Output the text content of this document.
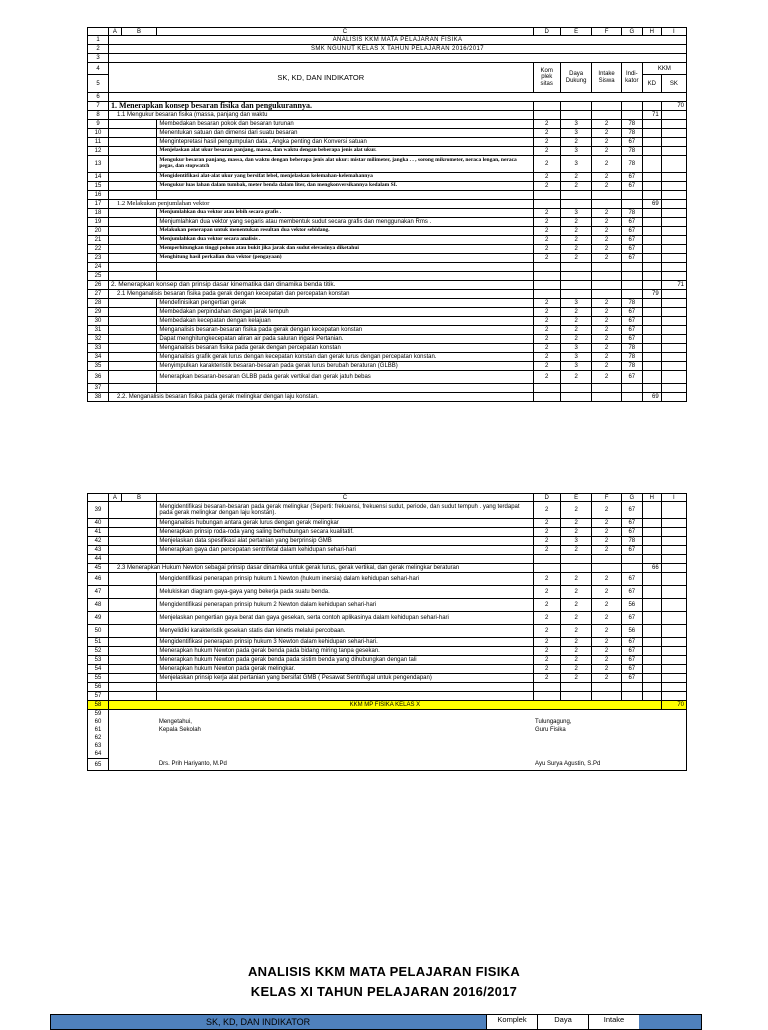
	A	B	C	D	E	F	G	H	I
1	ANALISIS KKM MATA PELAJARAN FISIKA								
2	SMK NGUNUT KELAS X TAHUN PELAJARAN 2016/2017								
3									
4	SK, KD, DAN INDIKATOR			Kom plek sitas	Daya Dukung	Intake Siswa	Indi- kator	KKM	
5								KD	SK
6									
7	1. Menerapkan konsep besaran fisika dan pengukurannya.								70
8	1.1 Mengukur besaran fisika (massa, panjang dan waktu							71	
9			Membedakan besaran pokok dan besaran turunan	2	3	2	78		
10			Menentukan satuan dan dimensi dari suatu besaran	2	3	2	78		
11			Mengintepretasi hasil pengumpulan data , Angka penting dan Konversi satuan	2	2	2	67		
12			Menjelaskan alat ukur besaran panjang, massa, dan waktu dengan beberapa jenis alat ukur.	2	3	2	78		
13			Mengukur besaran panjang, massa, dan waktu dengan beberapa jenis alat ukur: mistar milimeter, jangka . . , sorong mikrometer, neraca lengan, neraca pegas, dan stopwatch	2	3	2	78		
14			Mengidentifikasi alat-alat ukur yang bersifat lebel, menjelaskan kelemahan-kelemahannya	2	2	2	67		
15			Mengukur luas lahan dalam tumbak, meter benda dalam liter, dan mengkonversikannya kedalam SI.	2	2	2	67		
16									
17	1.2 Melakukan penjumlahan vektor							69	
18			Menjumlahkan dua vektor atau lebih secara grafis .	2	3	2	78		
19			Menjumlahkan dua vektor yang segaris atau membentuk sudut secara grafis dan menggunakan Rms .	2	2	2	67		
20			Melakukan penerapan untuk menentukan resultan dua vektor sebidang.	2	2	2	67		
21			Menjumlahkan dua vektor secara analisis .	2	2	2	67		
22			Memperhitungkan tinggi pohon atau bukit jika jarak dan sudut elevasinya diketahui	2	2	2	67		
23			Menghitung hasil perkalian dua vektor (pengayaan)	2	2	2	67		
24									
25									
26	2. Menerapkan konsep dan prinsip dasar kinematika dan dinamika benda titik.								71
27	2.1 Menganalisis besaran fisika pada gerak dengan kecepatan dan percepatan konstan							79	
28			Mendefinisikan pengertian gerak	2	3	2	78		
29			Membedakan perpindahan dengan jarak tempuh	2	2	2	67		
30			Membedakan kecepatan dengan kelajuan	2	2	2	67		
31			Menganalisis besaran-besaran fisika pada gerak dengan kecepatan konstan	2	2	2	67		
32			Dapat menghitungkecepatan aliran air pada saluran irigasi Pertanian.	2	2	2	67		
33			Menganalisis besaran fisika pada gerak dengan percepatan konstan	2	3	2	78		
34			Menganalisis grafik gerak lurus dengan kecepatan konstan dan gerak lurus dengan percepatan konstan.	2	3	2	78		
35			Menyimpulkan karakteristik besaran-besaran pada gerak lurus berubah beraturan (GLBB)	2	3	2	78		
36			Menerapkan besaran-besaran GLBB pada gerak vertikal dan gerak jatuh bebas	2	2	2	67		
37									
38	2.2. Menganalisis besaran fisika pada gerak melingkar dengan laju konstan.							69	
	A	B	C	D	E	F	G	H	I
39			Mengidentifikasi besaran-besaran pada gerak melingkar (Seperti: frekuensi, frekuensi sudut, periode, dan sudut tempuh . yang terdapat pada gerak melingkar dengan laju konstan).	2	2	2	67		
40			Menganalisis hubungan antara gerak lurus dengan gerak melingkar	2	2	2	67		
41			Menerapkan prinsip roda-roda yang saling berhubungan secara kualitatif.	2	2	2	67		
42			Menjelaskan data spesifikasi alat pertanian yang berprinsip GMB	2	3	2	78		
43			Menerapkan gaya dan percepatan sentrifetal dalam kehidupan sehari-hari	2	2	2	67		
44									
45	2.3 Menerapkan Hukum Newton sebagai prinsip dasar dinamika untuk gerak lurus, gerak vertikal, dan gerak melingkar beraturan							66	
46			Mengidentifikasi penerapan prinsip hukum 1 Newton (hukum inersia) dalam kehidupan sehari-hari	2	2	2	67		
47			Melukiskan diagram gaya-gaya yang bekerja pada suatu benda.	2	2	2	67		
48			Mengidentifikasi penerapan prinsip hukum 2 Newton dalam kehidupan sehari-hari	2	2	2	56		
49			Menjelaskan pengertian gaya berat dan gaya gesekan, serta contoh aplikasinya dalam kehidupan sehari-hari	2	2	2	67		
50			Menyelidiki karakteristik gesekan statis dan kinetis melalui percobaan.	2	2	2	56		
51			Mengidentifikasi penerapan prinsip hukum 3 Newton dalam kehidupan sehari-hari.	2	2	2	67		
52			Menerapkan hukum Newton pada gerak benda pada bidang miring tanpa gesekan.	2	2	2	67		
53			Menerapkan hukum Newton pada gerak benda pada sistim benda yang dihubungkan dengan tali	2	2	2	67		
54			Menerapkan hukum Newton pada gerak melingkar.	2	2	2	67		
55			Menjelaskan prinsip kerja alat pertanian yang bersifat GMB ( Pesawat Sentrifugal untuk pengendapan)	2	2	2	67		
56									
57									
58	KKM MP FISIKA KELAS X								70
59									
60			Mengetahui,	Tulungagung,					
61			Kepala Sekolah	Guru Fisika					
62									
63									
64									
65			Drs. Prih Hariyanto, M.Pd	Ayu Surya Agustin, S.Pd					
ANALISIS KKM MATA PELAJARAN FISIKA
KELAS XI TAHUN PELAJARAN 2016/2017
SK, KD, DAN INDIKATOR	Komplek	Daya	Intake
